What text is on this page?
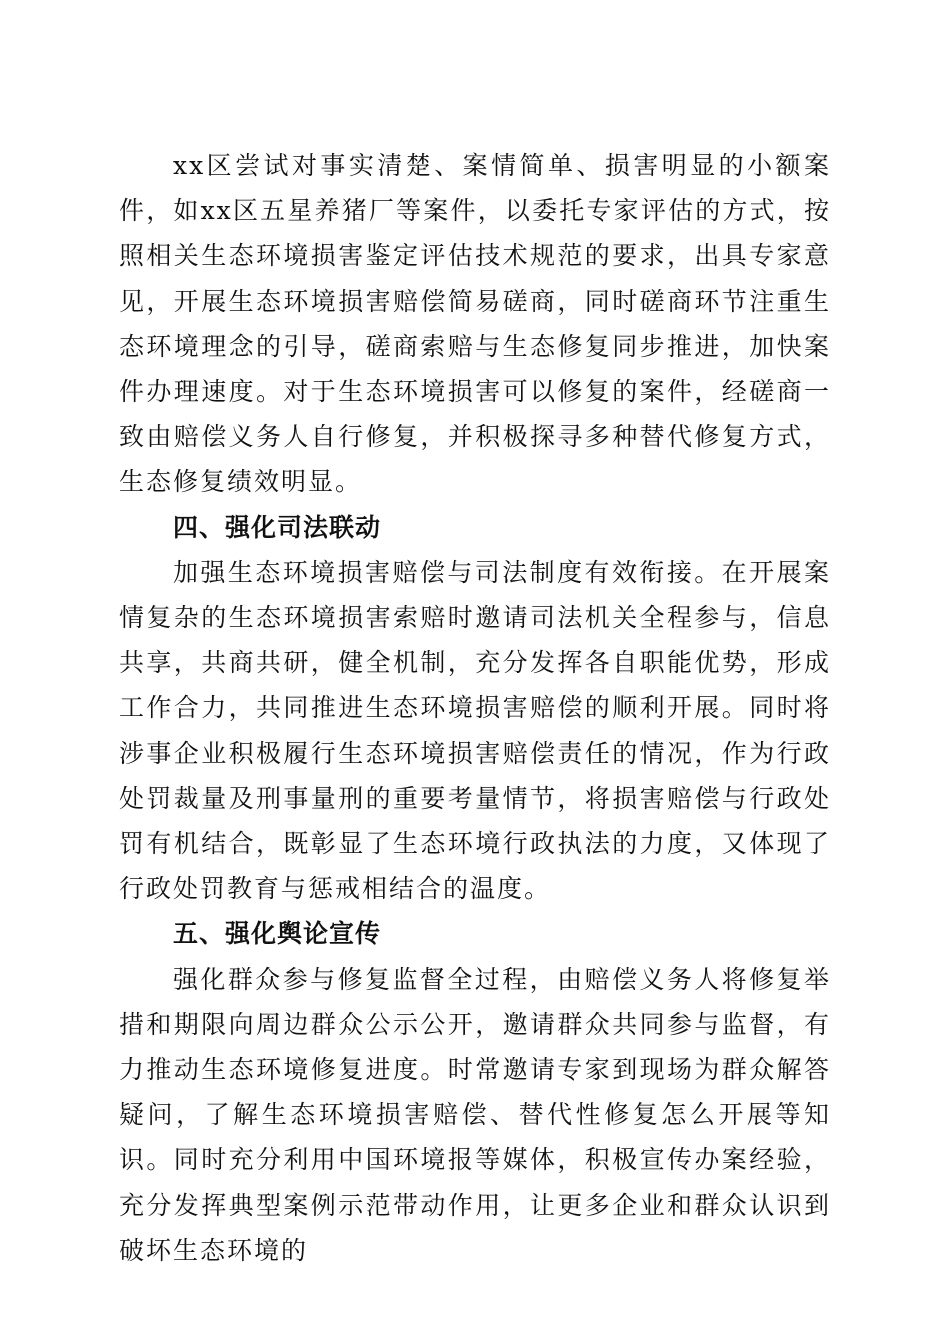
xx区尝试对事实清楚、案情简单、损害明显的小额案件，如xx区五星养猪厂等案件，以委托专家评估的方式，按照相关生态环境损害鉴定评估技术规范的要求，出具专家意见，开展生态环境损害赔偿简易磋商，同时磋商环节注重生态环境理念的引导，磋商索赔与生态修复同步推进，加快案件办理速度。对于生态环境损害可以修复的案件，经磋商一致由赔偿义务人自行修复，并积极探寻多种替代修复方式，生态修复绩效明显。

四、强化司法联动

加强生态环境损害赔偿与司法制度有效衔接。在开展案情复杂的生态环境损害索赔时邀请司法机关全程参与，信息共享，共商共研，健全机制，充分发挥各自职能优势，形成工作合力，共同推进生态环境损害赔偿的顺利开展。同时将涉事企业积极履行生态环境损害赔偿责任的情况，作为行政处罚裁量及刑事量刑的重要考量情节，将损害赔偿与行政处罚有机结合，既彰显了生态环境行政执法的力度，又体现了行政处罚教育与惩戒相结合的温度。

五、强化舆论宣传

强化群众参与修复监督全过程，由赔偿义务人将修复举措和期限向周边群众公示公开，邀请群众共同参与监督，有力推动生态环境修复进度。时常邀请专家到现场为群众解答疑问，了解生态环境损害赔偿、替代性修复怎么开展等知识。同时充分利用中国环境报等媒体，积极宣传办案经验，充分发挥典型案例示范带动作用，让更多企业和群众认识到破坏生态环境的
